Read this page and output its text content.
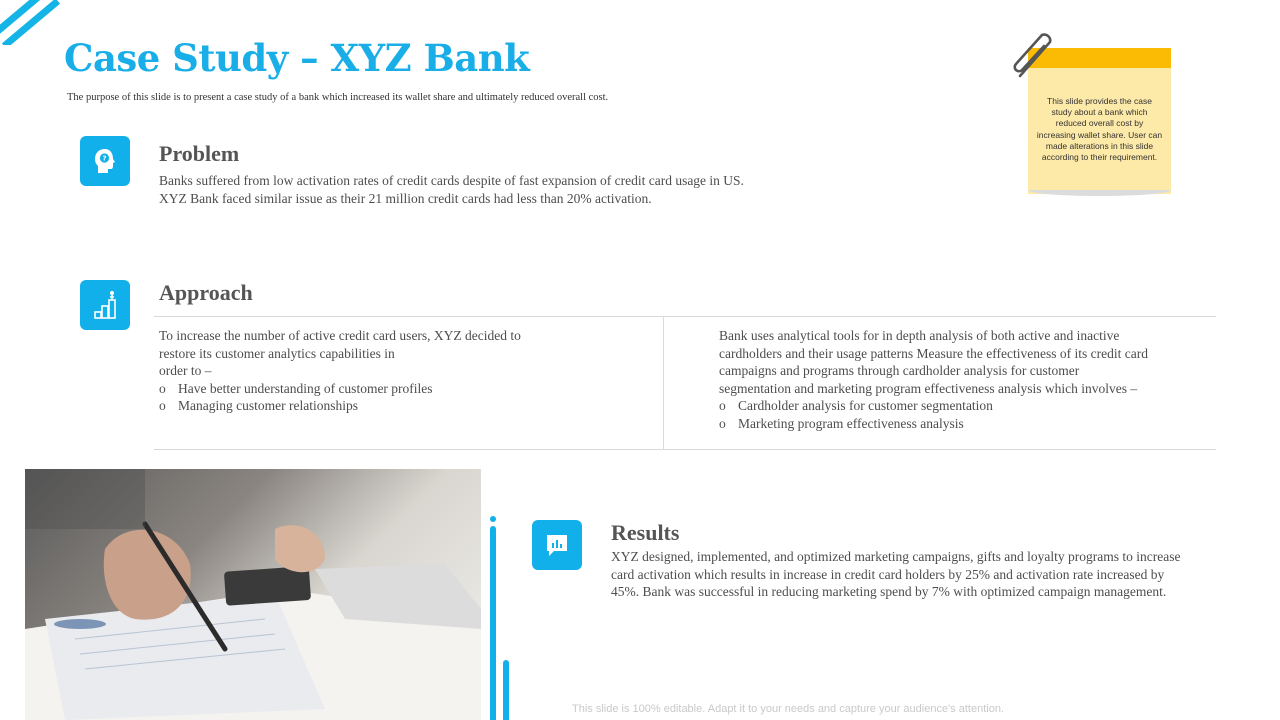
Case Study – XYZ Bank
The purpose of this slide is to present a case study of a bank which increased its wallet share and ultimately reduced overall cost.	This slide provides the case study about a bank which reduced overall cost by increasing wallet share. User can made alterations in this slide according to their requirement.
? Problem

Banks suffered from low activation rates of credit cards despite of fast expansion of credit card usage in US.

XYZ Bank faced similar issue as their 21 million credit cards had less than 20% activation.

Approach

To increase the number of active credit card users, XYZ decided to

restore its customer analytics capabilities in

order to –

o Have better understanding of customer profiles
o Managing customer relationships

Bank uses analytical tools for in depth analysis of both active and inactive

cardholders and their usage patterns Measure the effectiveness of its credit card

campaigns and programs through cardholder analysis for customer

segmentation and marketing program effectiveness analysis which involves –

o Cardholder analysis for customer segmentation
o Marketing program effectiveness analysis
Results

XYZ designed, implemented, and optimized marketing campaigns, gifts and loyalty programs to increase

card activation which results in increase in credit card holders by 25% and activation rate increased by

45%. Bank was successful in reducing marketing spend by 7% with optimized campaign management.

This slide is 100% editable. Adapt it to your needs and capture your audience's attention.
